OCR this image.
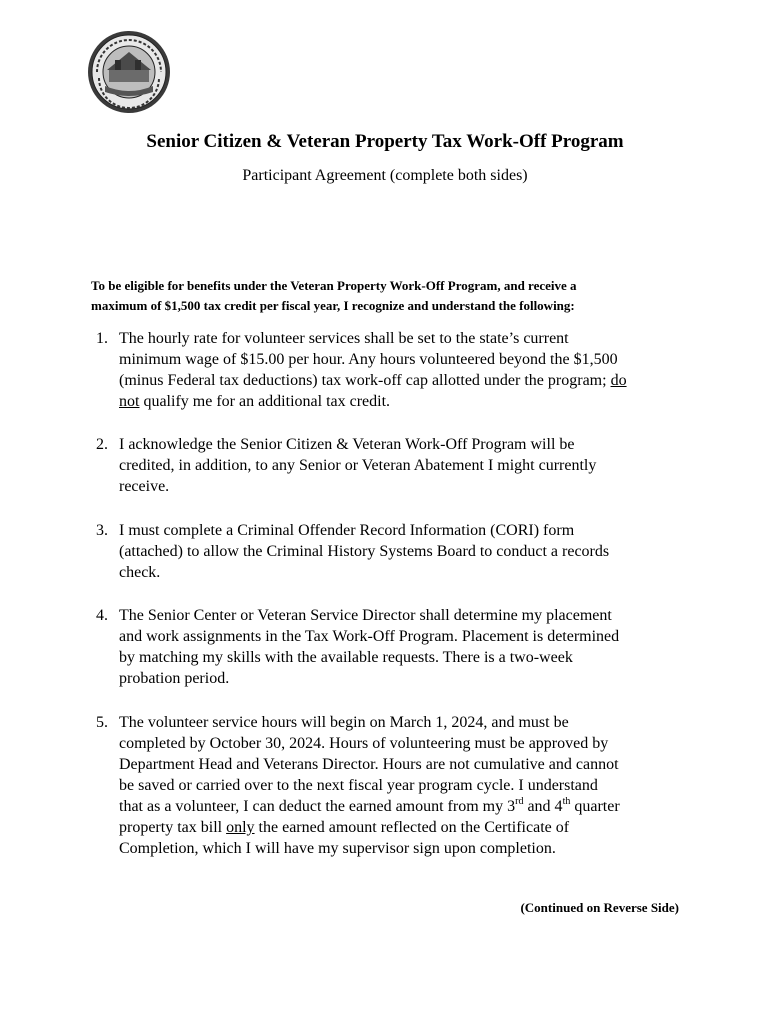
Senior Citizen & Veteran Property Tax Work-Off Program
Participant Agreement (complete both sides)
To be eligible for benefits under the Veteran Property Work-Off Program, and receive a
maximum of $1,500 tax credit per fiscal year, I recognize and understand the following:
1. The hourly rate for volunteer services shall be set to the state’s current
minimum wage of $15.00 per hour. Any hours volunteered beyond the $1,500
(minus Federal tax deductions) tax work-off cap allotted under the program; do
not qualify me for an additional tax credit.
2. I acknowledge the Senior Citizen & Veteran Work-Off Program will be
credited, in addition, to any Senior or Veteran Abatement I might currently
receive.
3. I must complete a Criminal Offender Record Information (CORI) form
(attached) to allow the Criminal History Systems Board to conduct a records
check.
4. The Senior Center or Veteran Service Director shall determine my placement
and work assignments in the Tax Work-Off Program. Placement is determined
by matching my skills with the available requests. There is a two-week
probation period.
5. The volunteer service hours will begin on March 1, 2024, and must be
completed by October 30, 2024. Hours of volunteering must be approved by
Department Head and Veterans Director. Hours are not cumulative and cannot
be saved or carried over to the next fiscal year program cycle. I understand
that as a volunteer, I can deduct the earned amount from my 3rd and 4th quarter
property tax bill only the earned amount reflected on the Certificate of
Completion, which I will have my supervisor sign upon completion.
(Continued on Reverse Side)
